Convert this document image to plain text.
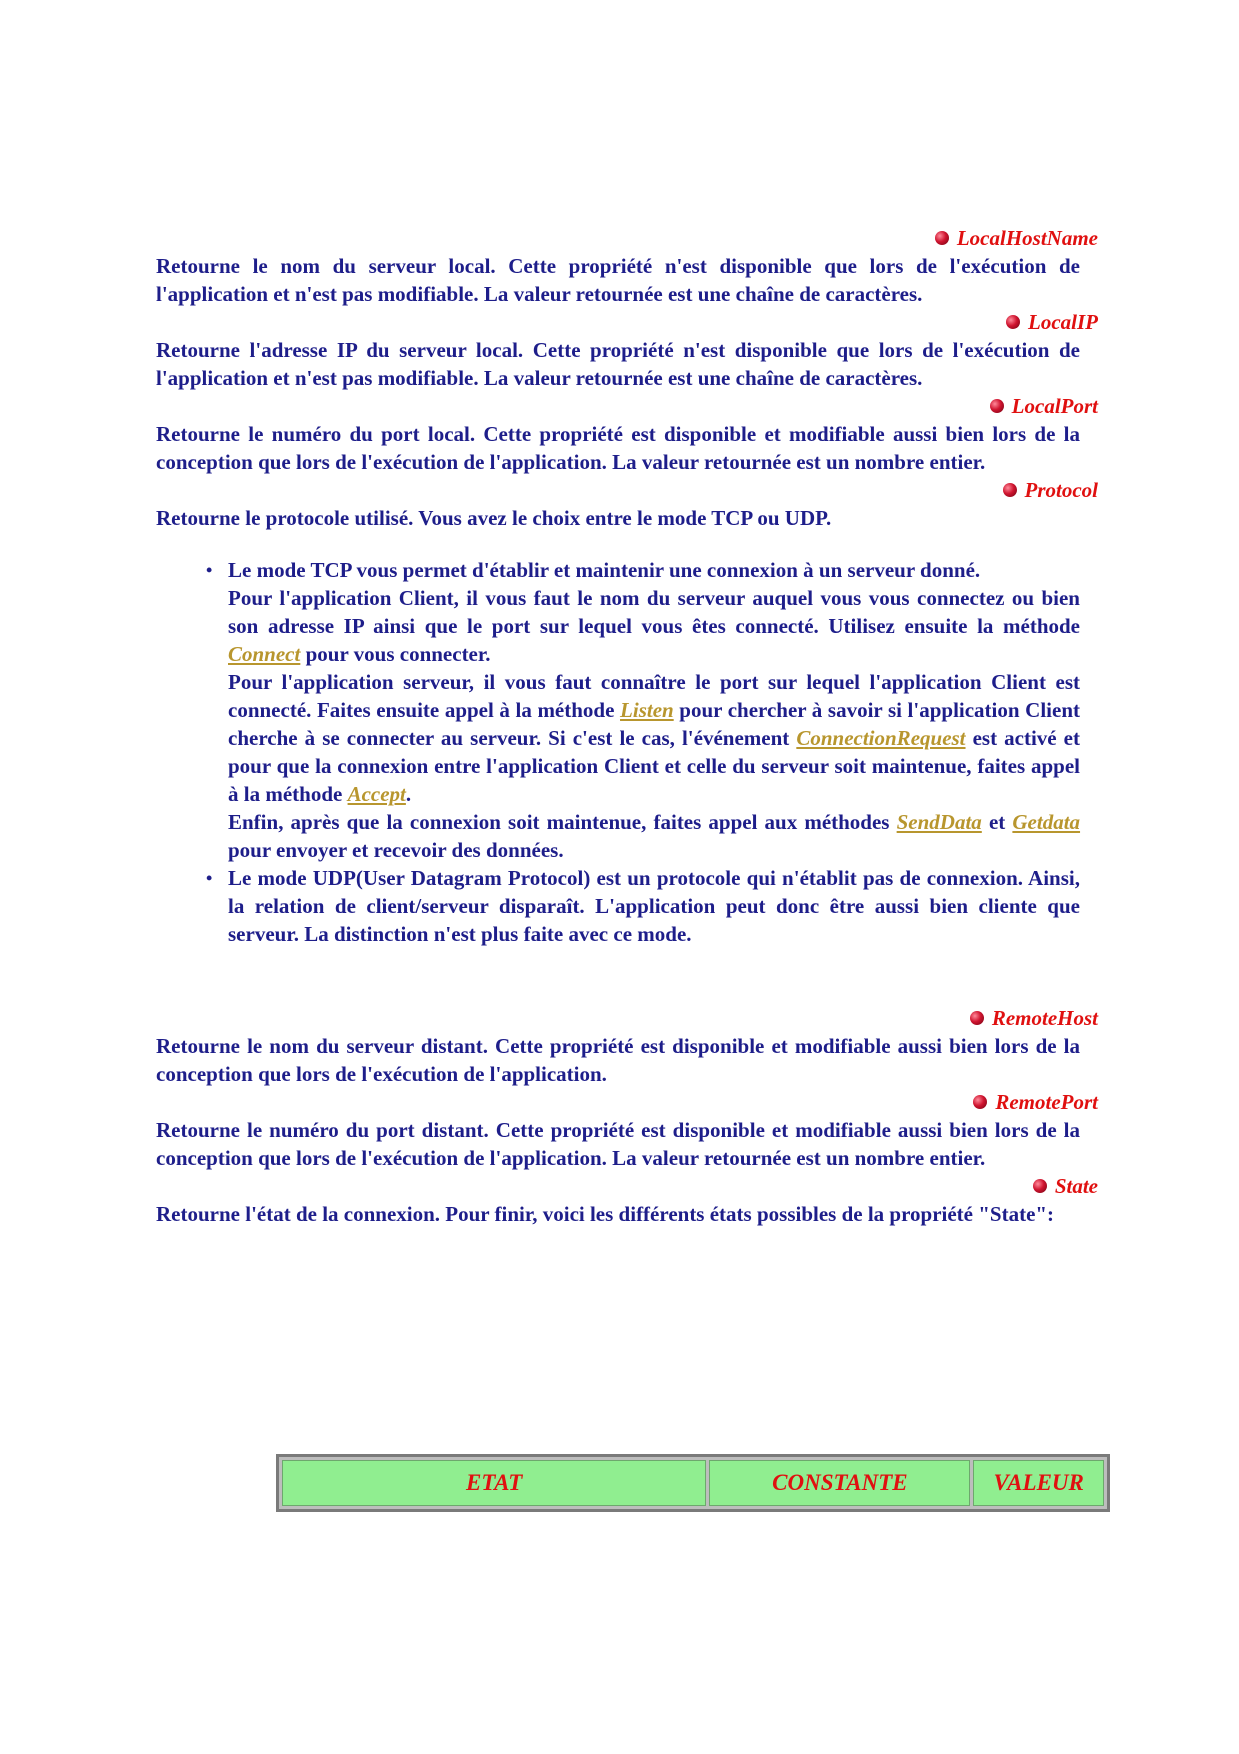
LocalHostName

Retourne le nom du serveur local. Cette propriété n'est disponible que lors de l'exécution de l'application et n'est pas modifiable. La valeur retournée est une chaîne de caractères.

LocalIP

Retourne l'adresse IP du serveur local. Cette propriété n'est disponible que lors de l'exécution de l'application et n'est pas modifiable. La valeur retournée est une chaîne de caractères.

LocalPort

Retourne le numéro du port local. Cette propriété est disponible et modifiable aussi bien lors de la conception que lors de l'exécution de l'application. La valeur retournée est un nombre entier.

Protocol

Retourne le protocole utilisé. Vous avez le choix entre le mode TCP ou UDP.

• Le mode TCP vous permet d'établir et maintenir une connexion à un serveur donné.
Pour l'application Client, il vous faut le nom du serveur auquel vous vous connectez ou bien son adresse IP ainsi que le port sur lequel vous êtes connecté. Utilisez ensuite la méthode Connect pour vous connecter.
Pour l'application serveur, il vous faut connaître le port sur lequel l'application Client est connecté. Faites ensuite appel à la méthode Listen pour chercher à savoir si l'application Client cherche à se connecter au serveur. Si c'est le cas, l'événement ConnectionRequest est activé et pour que la connexion entre l'application Client et celle du serveur soit maintenue, faites appel à la méthode Accept.
Enfin, après que la connexion soit maintenue, faites appel aux méthodes SendData et Getdata pour envoyer et recevoir des données.
• Le mode UDP(User Datagram Protocol) est un protocole qui n'établit pas de connexion. Ainsi, la relation de client/serveur disparaît. L'application peut donc être aussi bien cliente que serveur. La distinction n'est plus faite avec ce mode.
RemoteHost

Retourne le nom du serveur distant. Cette propriété est disponible et modifiable aussi bien lors de la conception que lors de l'exécution de l'application.

RemotePort

Retourne le numéro du port distant. Cette propriété est disponible et modifiable aussi bien lors de la conception que lors de l'exécution de l'application. La valeur retournée est un nombre entier.

State

Retourne l'état de la connexion. Pour finir, voici les différents états possibles de la propriété "State":

ETAT	CONSTANTE	VALEUR
